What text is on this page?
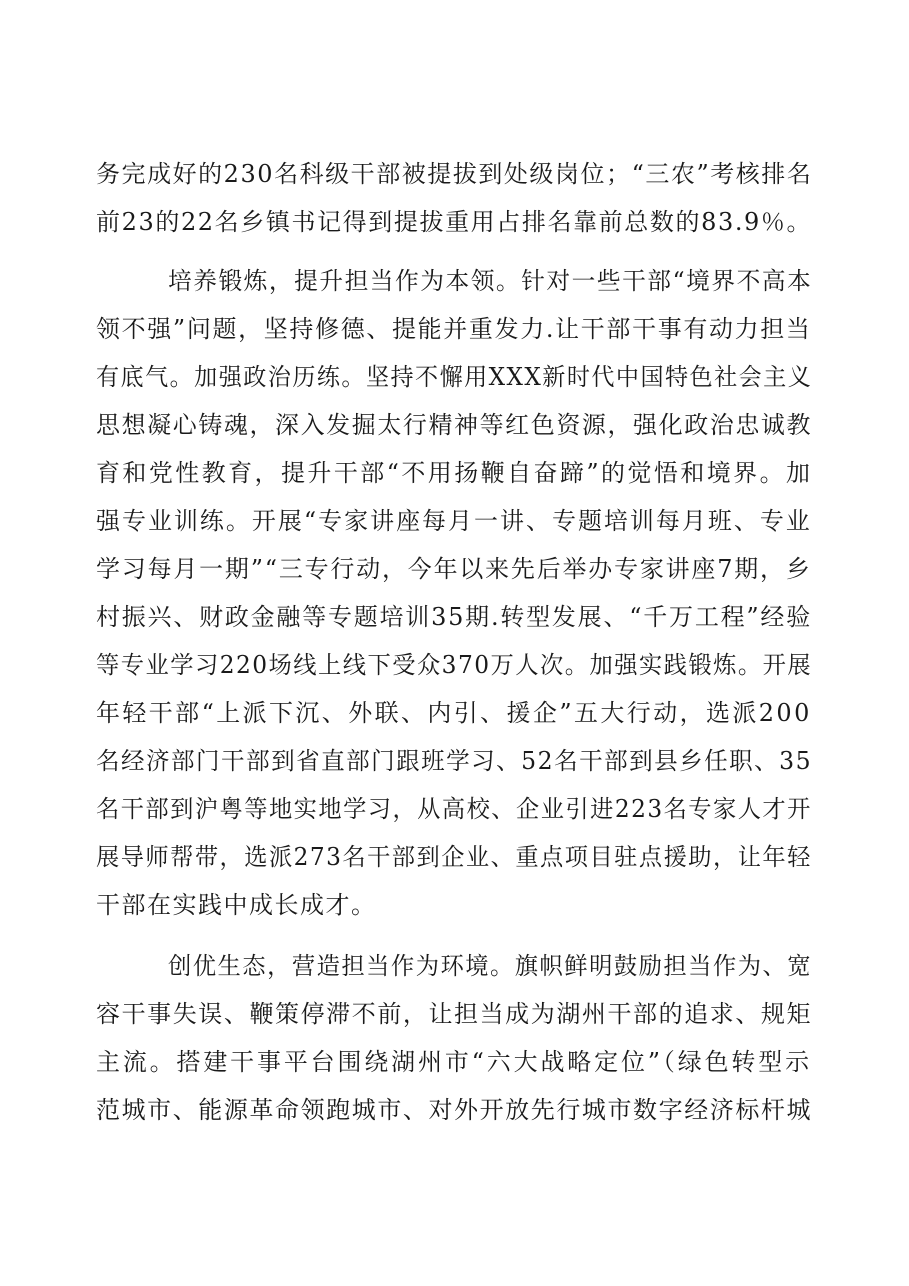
务完成好的230名科级干部被提拔到处级岗位；“三农”考核排名
前23的22名乡镇书记得到提拔重用占排名靠前总数的83.9％。
培养锻炼，提升担当作为本领。针对一些干部“境界不高本
领不强”问题，坚持修德、提能并重发力.让干部干事有动力担当
有底气。加强政治历练。坚持不懈用XXX新时代中国特色社会主义
思想凝心铸魂，深入发掘太行精神等红色资源，强化政治忠诚教
育和党性教育，提升干部“不用扬鞭自奋蹄”的觉悟和境界。加
强专业训练。开展“专家讲座每月一讲、专题培训每月班、专业
学习每月一期”“三专行动，今年以来先后举办专家讲座7期，乡
村振兴、财政金融等专题培训35期.转型发展、“千万工程”经验
等专业学习220场线上线下受众370万人次。加强实践锻炼。开展
年轻干部“上派下沉、外联、内引、援企”五大行动，选派200
名经济部门干部到省直部门跟班学习、52名干部到县乡任职、35
名干部到沪粤等地实地学习，从高校、企业引进223名专家人才开
展导师帮带，选派273名干部到企业、重点项目驻点援助，让年轻
干部在实践中成长成才。
创优生态，营造担当作为环境。旗帜鲜明鼓励担当作为、宽
容干事失误、鞭策停滞不前，让担当成为湖州干部的追求、规矩
主流。搭建干事平台围绕湖州市“六大战略定位”（绿色转型示
范城市、能源革命领跑城市、对外开放先行城市数字经济标杆城
